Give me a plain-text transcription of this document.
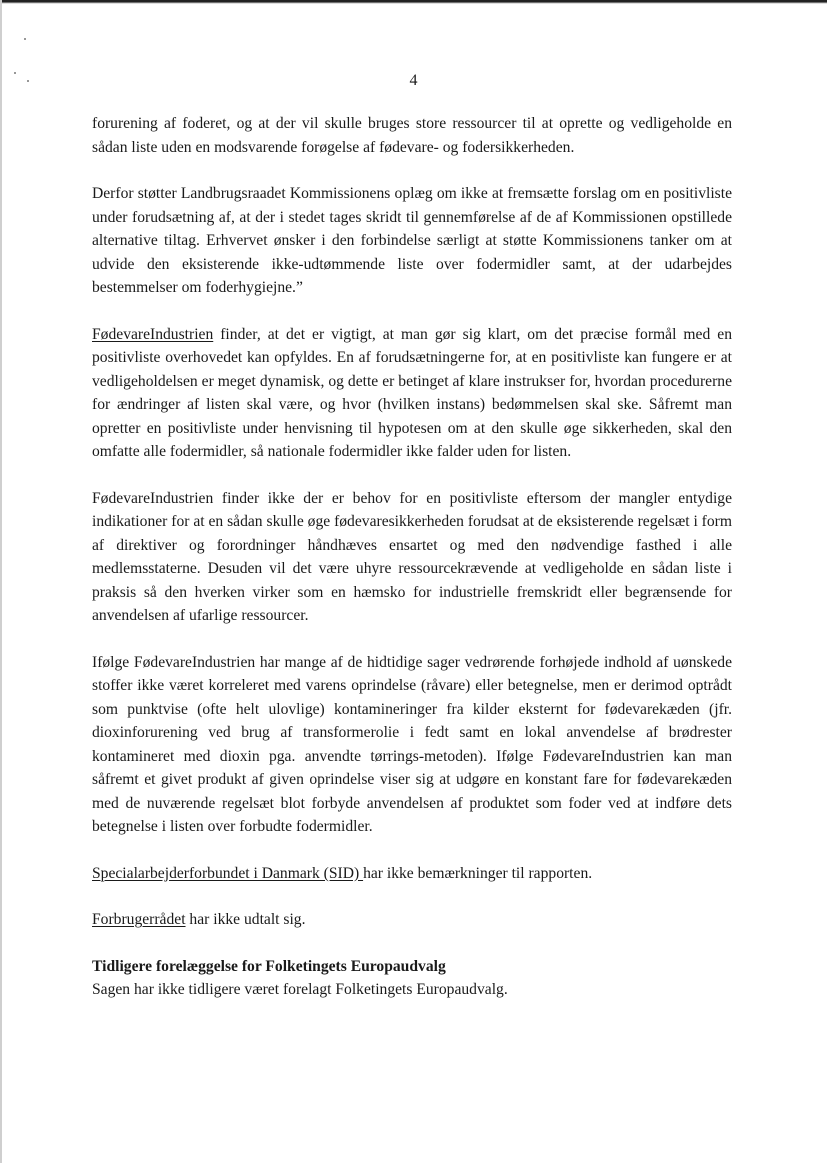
4

forurening af foderet, og at der vil skulle bruges store ressourcer til at oprette og vedligeholde en sådan liste uden en modsvarende forøgelse af fødevare- og fodersikkerheden.

Derfor støtter Landbrugsraadet Kommissionens oplæg om ikke at fremsætte forslag om en positivliste under forudsætning af, at der i stedet tages skridt til gennemførelse af de af Kommissionen opstillede alternative tiltag. Erhvervet ønsker i den forbindelse særligt at støtte Kommissionens tanker om at udvide den eksisterende ikke-udtømmende liste over fodermidler samt, at der udarbejdes bestemmelser om foderhygiejne.”

FødevareIndustrien finder, at det er vigtigt, at man gør sig klart, om det præcise formål med en positivliste overhovedet kan opfyldes. En af forudsætningerne for, at en positivliste kan fungere er at vedligeholdelsen er meget dynamisk, og dette er betinget af klare instrukser for, hvordan procedurerne for ændringer af listen skal være, og hvor (hvilken instans) bedømmelsen skal ske. Såfremt man opretter en positivliste under henvisning til hypotesen om at den skulle øge sikkerheden, skal den omfatte alle fodermidler, så nationale fodermidler ikke falder uden for listen.

FødevareIndustrien finder ikke der er behov for en positivliste eftersom der mangler entydige indikationer for at en sådan skulle øge fødevaresikkerheden forudsat at de eksisterende regelsæt i form af direktiver og forordninger håndhæves ensartet og med den nødvendige fasthed i alle medlemsstaterne. Desuden vil det være uhyre ressourcekrævende at vedligeholde en sådan liste i praksis så den hverken virker som en hæmsko for industrielle fremskridt eller begrænsende for anvendelsen af ufarlige ressourcer.

Ifølge FødevareIndustrien har mange af de hidtidige sager vedrørende forhøjede indhold af uønskede stoffer ikke været korreleret med varens oprindelse (råvare) eller betegnelse, men er derimod optrådt som punktvise (ofte helt ulovlige) kontamineringer fra kilder eksternt for fødevarekæden (jfr. dioxinforurening ved brug af transformerolie i fedt samt en lokal anvendelse af brødrester kontamineret med dioxin pga. anvendte tørrings-metoden). Ifølge FødevareIndustrien kan man såfremt et givet produkt af given oprindelse viser sig at udgøre en konstant fare for fødevarekæden med de nuværende regelsæt blot forbyde anvendelsen af produktet som foder ved at indføre dets betegnelse i listen over forbudte fodermidler.

Specialarbejderforbundet i Danmark (SID) har ikke bemærkninger til rapporten.

Forbrugerrådet har ikke udtalt sig.

Tidligere forelæggelse for Folketingets Europaudvalg

Sagen har ikke tidligere været forelagt Folketingets Europaudvalg.
